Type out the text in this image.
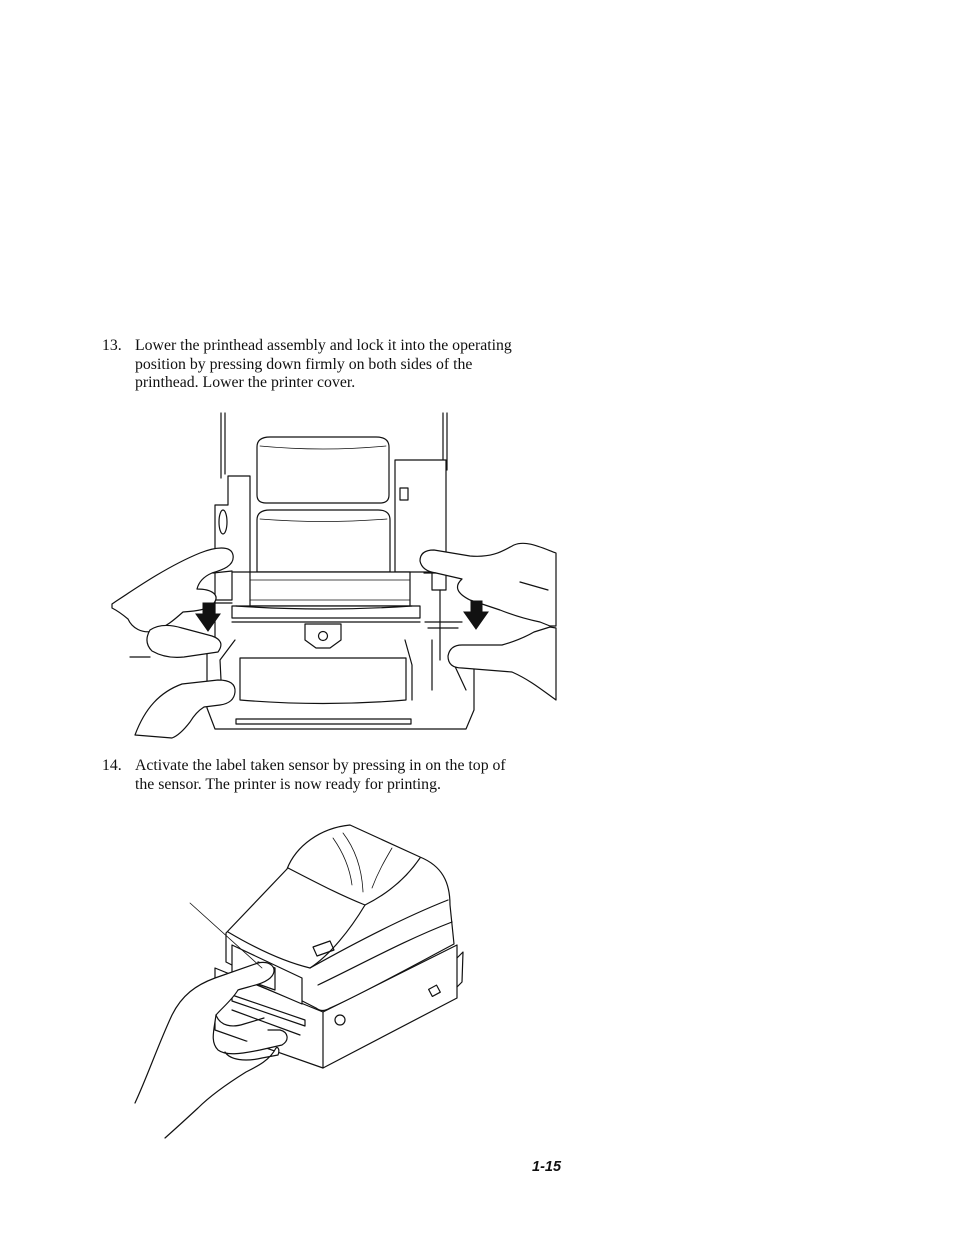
13. Lower the printhead assembly and lock it into the operating
position by pressing down firmly on both sides of the
printhead. Lower the printer cover.
14. Activate the label taken sensor by pressing in on the top of
the sensor. The printer is now ready for printing.
1-15
